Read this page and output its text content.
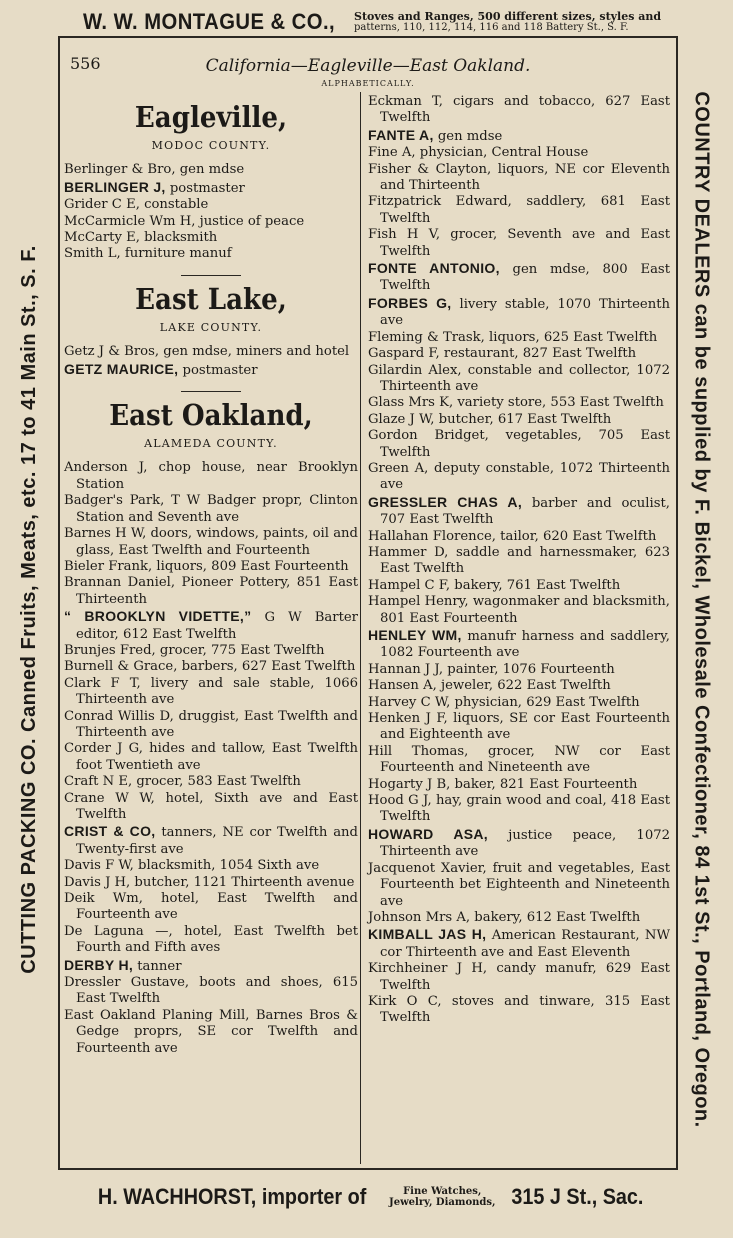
W. W. MONTAGUE & CO., Stoves and Ranges, 500 different sizes, styles and
patterns, 110, 112, 114, 116 and 118 Battery St., S. F.
CUTTING PACKING CO. Canned Fruits, Meats, etc. 17 to 41 Main St., S. F.	COUNTRY DEALERS can be supplied by F. Bickel, Wholesale Confectioner, 84 1st St., Portland, Oregon.
556	California—Eagleville—East Oakland.
ALPHABETICALLY.
Eagleville,
MODOC COUNTY.

Berlinger & Bro, gen mdse

BERLINGER J, postmaster

Grider C E, constable

McCarmicle Wm H, justice of peace

McCarty E, blacksmith

Smith L, furniture manuf

East Lake,
LAKE COUNTY.

Getz J & Bros, gen mdse, miners and hotel

GETZ MAURICE, postmaster

East Oakland,
ALAMEDA COUNTY.

Anderson J, chop house, near Brooklyn Station

Badger's Park, T W Badger propr, Clinton Station and Seventh ave

Barnes H W, doors, windows, paints, oil and glass, East Twelfth and Fourteenth

Bieler Frank, liquors, 809 East Fourteenth

Brannan Daniel, Pioneer Pottery, 851 East Thirteenth

“ BROOKLYN VIDETTE,” G W Barter editor, 612 East Twelfth

Brunjes Fred, grocer, 775 East Twelfth

Burnell & Grace, barbers, 627 East Twelfth

Clark F T, livery and sale stable, 1066 Thirteenth ave

Conrad Willis D, druggist, East Twelfth and Thirteenth ave

Corder J G, hides and tallow, East Twelfth foot Twentieth ave

Craft N E, grocer, 583 East Twelfth

Crane W W, hotel, Sixth ave and East Twelfth

CRIST & CO, tanners, NE cor Twelfth and Twenty-first ave

Davis F W, blacksmith, 1054 Sixth ave

Davis J H, butcher, 1121 Thirteenth avenue

Deik Wm, hotel, East Twelfth and Fourteenth ave

De Laguna —, hotel, East Twelfth bet Fourth and Fifth aves

DERBY H, tanner

Dressler Gustave, boots and shoes, 615 East Twelfth

East Oakland Planing Mill, Barnes Bros & Gedge proprs, SE cor Twelfth and Fourteenth ave

Eckman T, cigars and tobacco, 627 East Twelfth

FANTE A, gen mdse

Fine A, physician, Central House

Fisher & Clayton, liquors, NE cor Eleventh and Thirteenth

Fitzpatrick Edward, saddlery, 681 East Twelfth

Fish H V, grocer, Seventh ave and East Twelfth

FONTE ANTONIO, gen mdse, 800 East Twelfth

FORBES G, livery stable, 1070 Thirteenth ave

Fleming & Trask, liquors, 625 East Twelfth

Gaspard F, restaurant, 827 East Twelfth

Gilardin Alex, constable and collector, 1072 Thirteenth ave

Glass Mrs K, variety store, 553 East Twelfth

Glaze J W, butcher, 617 East Twelfth

Gordon Bridget, vegetables, 705 East Twelfth

Green A, deputy constable, 1072 Thirteenth ave

GRESSLER CHAS A, barber and oculist, 707 East Twelfth

Hallahan Florence, tailor, 620 East Twelfth

Hammer D, saddle and harnessmaker, 623 East Twelfth

Hampel C F, bakery, 761 East Twelfth

Hampel Henry, wagonmaker and blacksmith, 801 East Fourteenth

HENLEY WM, manufr harness and saddlery, 1082 Fourteenth ave

Hannan J J, painter, 1076 Fourteenth

Hansen A, jeweler, 622 East Twelfth

Harvey C W, physician, 629 East Twelfth

Henken J F, liquors, SE cor East Fourteenth and Eighteenth ave

Hill Thomas, grocer, NW cor East Fourteenth and Nineteenth ave

Hogarty J B, baker, 821 East Fourteenth

Hood G J, hay, grain wood and coal, 418 East Twelfth

HOWARD ASA, justice peace, 1072 Thirteenth ave

Jacquenot Xavier, fruit and vegetables, East Fourteenth bet Eighteenth and Nineteenth ave

Johnson Mrs A, bakery, 612 East Twelfth

KIMBALL JAS H, American Restaurant, NW cor Thirteenth ave and East Eleventh

Kirchheiner J H, candy manufr, 629 East Twelfth

Kirk O C, stoves and tinware, 315 East Twelfth

H. WACHHORST, importer of	Fine Watches,
Jewelry, Diamonds, 315 J St., Sac.
